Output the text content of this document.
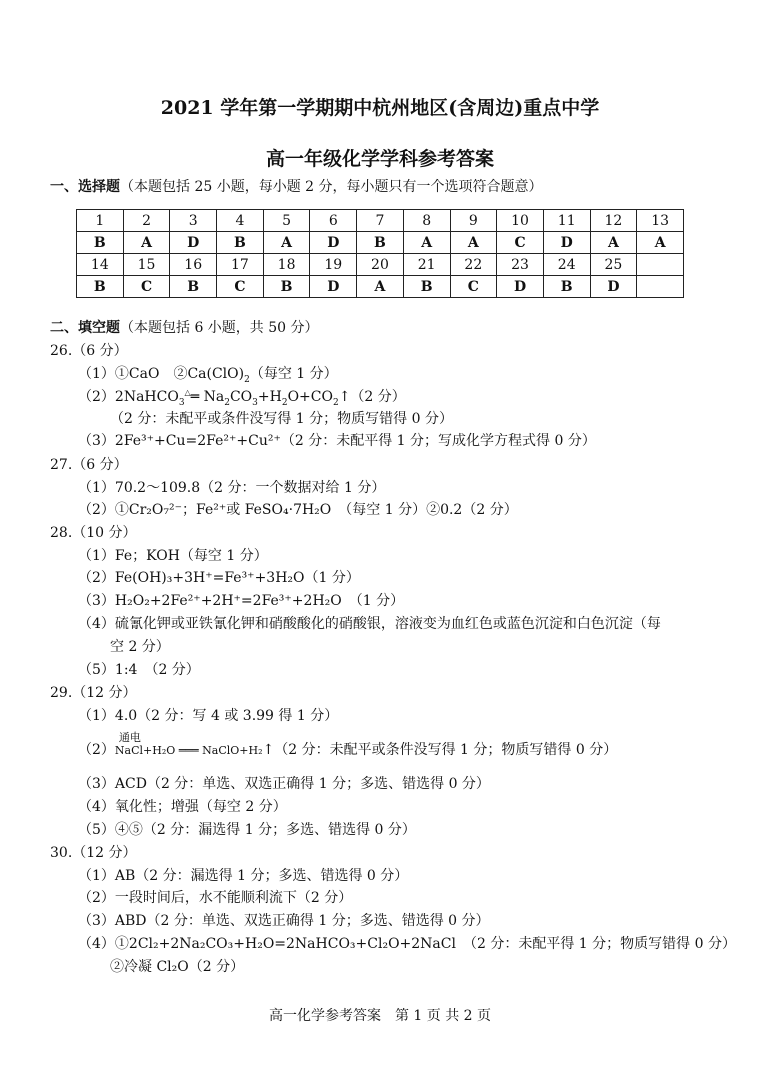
2021 学年第一学期期中杭州地区(含周边)重点中学
高一年级化学学科参考答案
一、选择题（本题包括 25 小题，每小题 2 分，每小题只有一个选项符合题意）
1	2	3	4	5	6	7	8	9	10	11	12	13
B	A	D	B	A	D	B	A	A	C	D	A	A
14	15	16	17	18	19	20	21	22	23	24	25	
B	C	B	C	B	D	A	B	C	D	B	D	
二、填空题（本题包括 6 小题，共 50 分）
26.（6 分）
（1）①CaO　$②Ca(ClO)_2$（每空 1 分）
（2）2NaHCO$_3$△═ $Na_2CO_3+H_2O+CO_2↑(2$ 分）
（2 分：未配平或条件没写得 1 分；物质写错得 0 分）
（3）2Fe³⁺+Cu=2Fe²⁺+Cu²⁺（2 分：未配平得 1 分；写成化学方程式得 0 分）
27.（6 分）
（1）70.2～109.8（2 分：一个数据对给 1 分）
（2）①Cr₂O₇²⁻；Fe²⁺或 FeSO₄·7H₂O　（每空 1 分）②0.2（2 分）
28.（10 分）
（1）Fe；KOH（每空 1 分）
（2）Fe(OH)₃+3H⁺=Fe³⁺+3H₂O（1 分）
（3）H₂O₂+2Fe²⁺+2H⁺=2Fe³⁺+2H₂O　（1 分）
（4）硫氰化钾或亚铁氰化钾和硝酸酸化的硝酸银，溶液变为血红色或蓝色沉淀和白色沉淀（每
空 2 分）
（5）1:4　（2 分）
29.（12 分）
（1）4.0（2 分：写 4 或 3.99 得 1 分）
（2）
通电
NaCl+H₂O ═══ NaClO+H₂↑（2 分：未配平或条件没写得 1 分；物质写错得 0 分）
（3）ACD（2 分：单选、双选正确得 1 分；多选、错选得 0 分）
（4）氧化性；增强（每空 2 分）
（5）④⑤（2 分：漏选得 1 分；多选、错选得 0 分）
30.（12 分）
（1）AB（2 分：漏选得 1 分；多选、错选得 0 分）
（2）一段时间后，水不能顺利流下（2 分）
（3）ABD（2 分：单选、双选正确得 1 分；多选、错选得 0 分）
（4）①2Cl₂+2Na₂CO₃+H₂O=2NaHCO₃+Cl₂O+2NaCl　（2 分：未配平得 1 分；物质写错得 0 分）
②冷凝 Cl₂O（2 分）
高一化学参考答案　第 1 页 共 2 页
